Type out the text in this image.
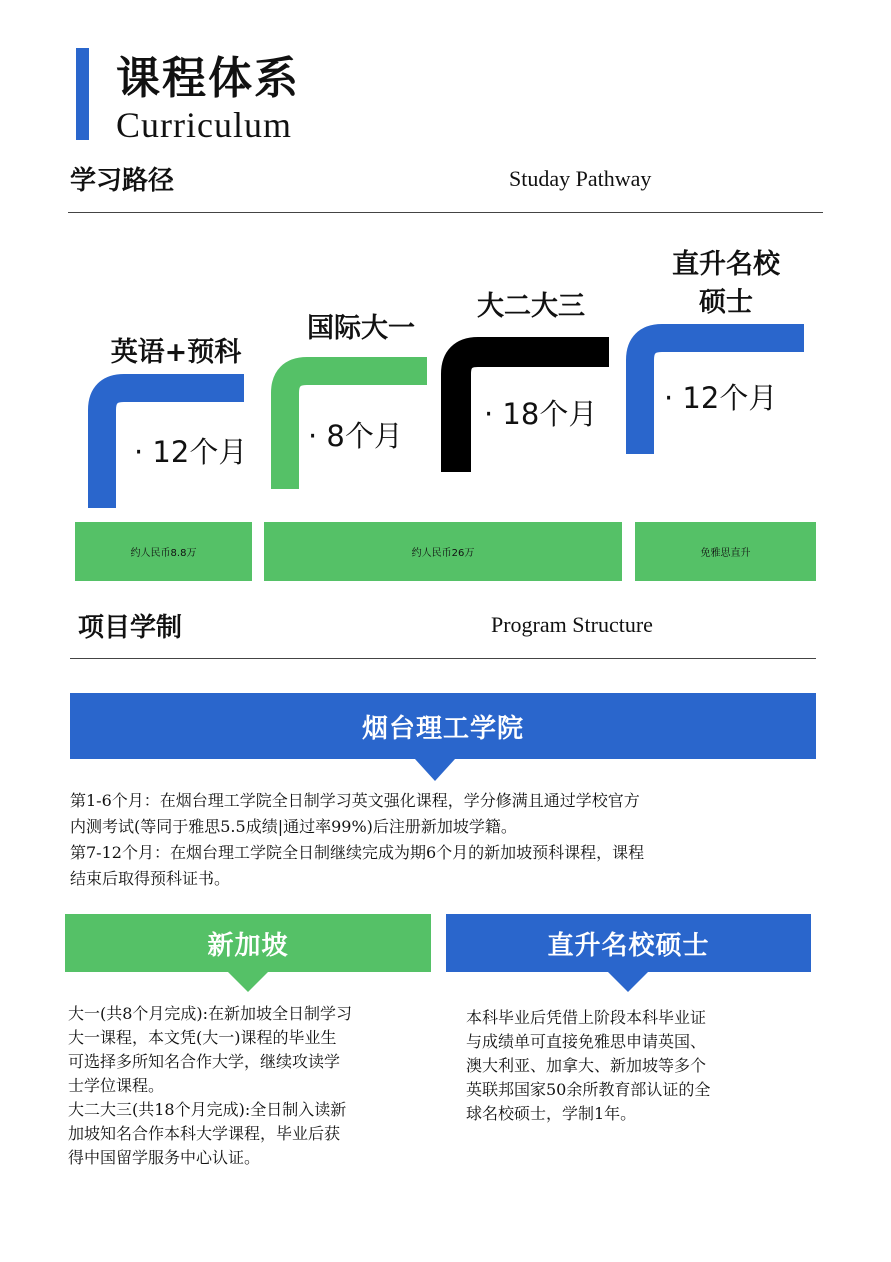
课程体系
Curriculum
学习路径	Studay Pathway
英语+预科
· 12个月
国际大一
· 8个月
大二大三
· 18个月
直升名校
硕士
· 12个月
约人民币8.8万	约人民币26万	免雅思直升
项目学制	Program Structure
烟台理工学院

第1-6个月：在烟台理工学院全日制学习英文强化课程，学分修满且通过学校官方

内测考试(等同于雅思5.5成绩|通过率99%)后注册新加坡学籍。

第7-12个月：在烟台理工学院全日制继续完成为期6个月的新加坡预科课程，课程

结束后取得预科证书。

新加坡

大一(共8个月完成):在新加坡全日制学习

大一课程，本文凭(大一)课程的毕业生

可选择多所知名合作大学，继续攻读学

士学位课程。

大二大三(共18个月完成):全日制入读新

加坡知名合作本科大学课程，毕业后获

得中国留学服务中心认证。

直升名校硕士

本科毕业后凭借上阶段本科毕业证

与成绩单可直接免雅思申请英国、

澳大利亚、加拿大、新加坡等多个

英联邦国家50余所教育部认证的全

球名校硕士，学制1年。
